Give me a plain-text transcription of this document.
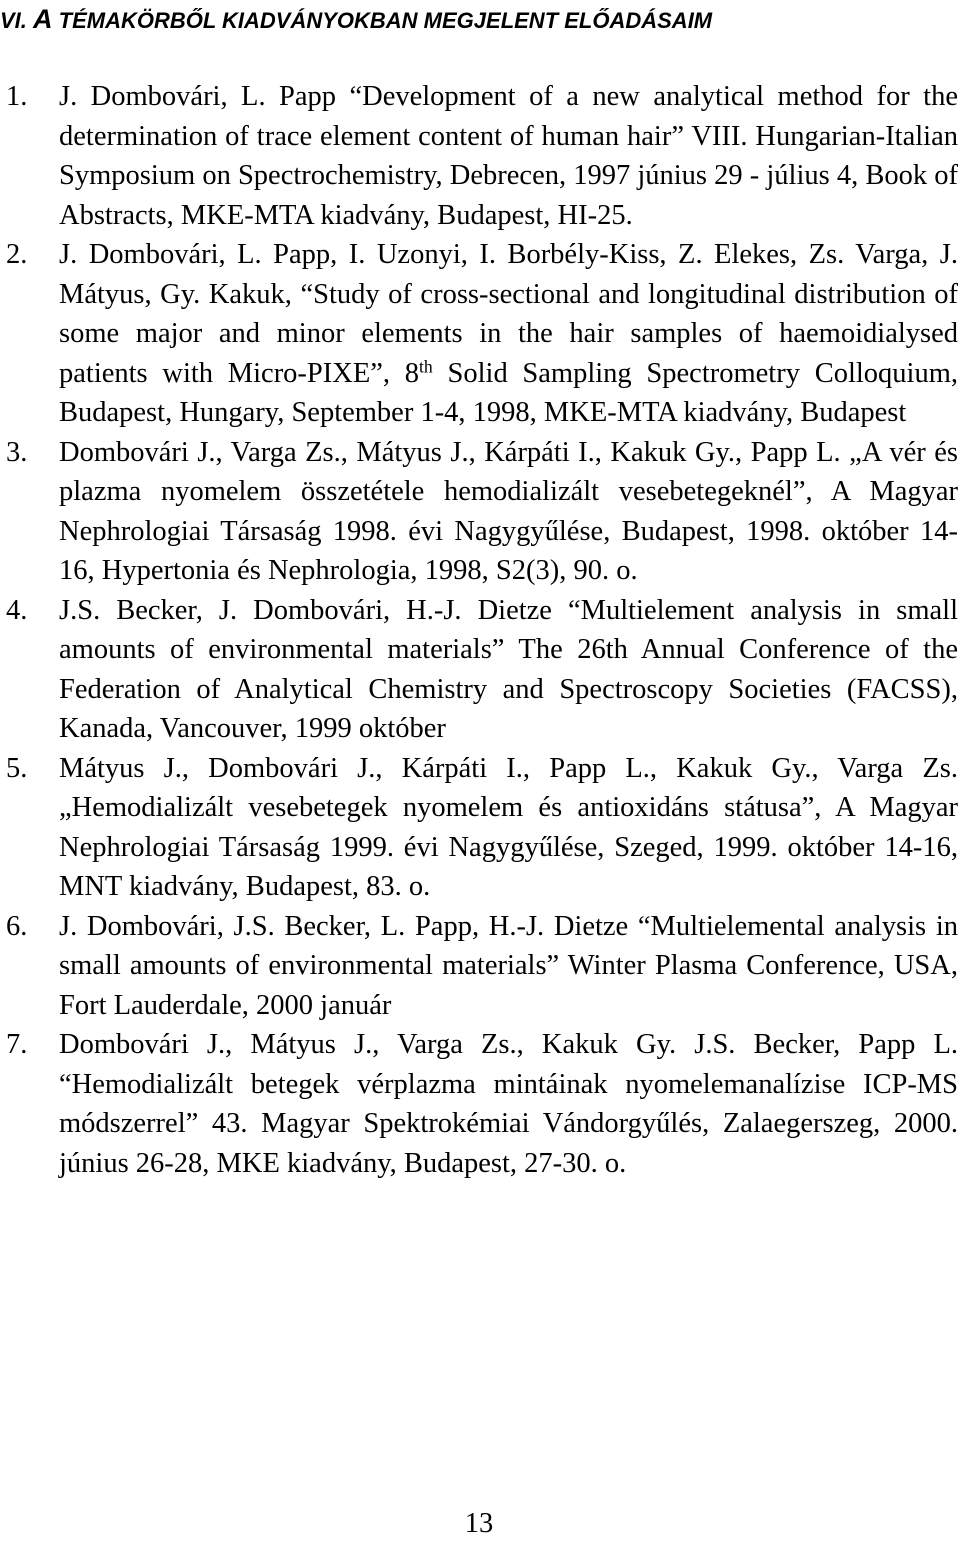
VI. A TÉMAKÖRBŐL KIADVÁNYOKBAN MEGJELENT ELŐADÁSAIM
1. J. Dombovári, L. Papp “Development of a new analytical method for the determination of trace element content of human hair” VIII. Hungarian-Italian Symposium on Spectrochemistry, Debrecen, 1997 június 29 - július 4, Book of Abstracts, MKE-MTA kiadvány, Budapest, HI-25.
2. J. Dombovári, L. Papp, I. Uzonyi, I. Borbély-Kiss, Z. Elekes, Zs. Varga, J. Mátyus, Gy. Kakuk, “Study of cross-sectional and longitudinal distribution of some major and minor elements in the hair samples of haemoidialysed patients with Micro-PIXE”, 8th Solid Sampling Spectrometry Colloquium, Budapest, Hungary, September 1-4, 1998, MKE-MTA kiadvány, Budapest
3. Dombovári J., Varga Zs., Mátyus J., Kárpáti I., Kakuk Gy., Papp L. „A vér és plazma nyomelem összetétele hemodializált vesebetegeknél”, A Magyar Nephrologiai Társaság 1998. évi Nagygyűlése, Budapest, 1998. október 14-16, Hypertonia és Nephrologia, 1998, S2(3), 90. o.
4. J.S. Becker, J. Dombovári, H.-J. Dietze “Multielement analysis in small amounts of environmental materials” The 26th Annual Conference of the Federation of Analytical Chemistry and Spectroscopy Societies (FACSS), Kanada, Vancouver, 1999 október
5. Mátyus J., Dombovári J., Kárpáti I., Papp L., Kakuk Gy., Varga Zs. „Hemodializált vesebetegek nyomelem és antioxidáns státusa”, A Magyar Nephrologiai Társaság 1999. évi Nagygyűlése, Szeged, 1999. október 14-16, MNT kiadvány, Budapest, 83. o.
6. J. Dombovári, J.S. Becker, L. Papp, H.-J. Dietze “Multielemental analysis in small amounts of environmental materials” Winter Plasma Conference, USA, Fort Lauderdale, 2000 január
7. Dombovári J., Mátyus J., Varga Zs., Kakuk Gy. J.S. Becker, Papp L. “Hemodializált betegek vérplazma mintáinak nyomelemanalízise ICP-MS módszerrel” 43. Magyar Spektrokémiai Vándorgyűlés, Zalaegerszeg, 2000. június 26-28, MKE kiadvány, Budapest, 27-30. o.
13
